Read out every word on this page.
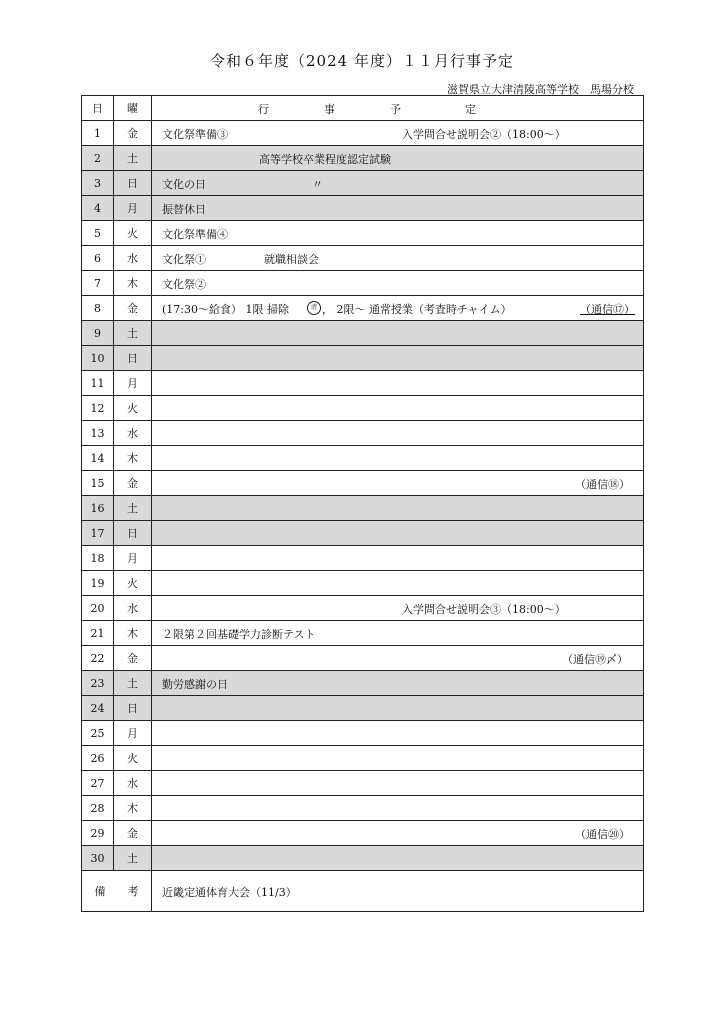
令和６年度（2024 年度）１１月行事予定
滋賀県立大津清陵高等学校　馬場分校
日	曜	行 事 予 定

1	金	文化祭準備③ 入学問合せ説明会②（18:00～）

2	土	高等学校卒業程度認定試験

3	日	文化の日 〃

4	月	振替休日

5	火	文化祭準備④

6	水	文化祭① 就職相談会

7	木	文化祭②

8	金	(17:30～給食） 1限 掃除 清 ， 2限～ 通常授業（考査時チャイム） （通信⑰）

9	土	
10	日	
11	月	
12	火	
13	水	
14	木	
15	金	（通信⑱）

16	土	
17	日	
18	月	
19	火	
20	水	入学問合せ説明会③（18:00～）

21	木	２限第２回基礎学力診断テスト

22	金	（通信⑲〆）

23	土	勤労感謝の日

24	日	
25	月	
26	火	
27	水	
28	木	
29	金	（通信⑳）

30	土	
備　　考		近畿定通体育大会（11/3）
